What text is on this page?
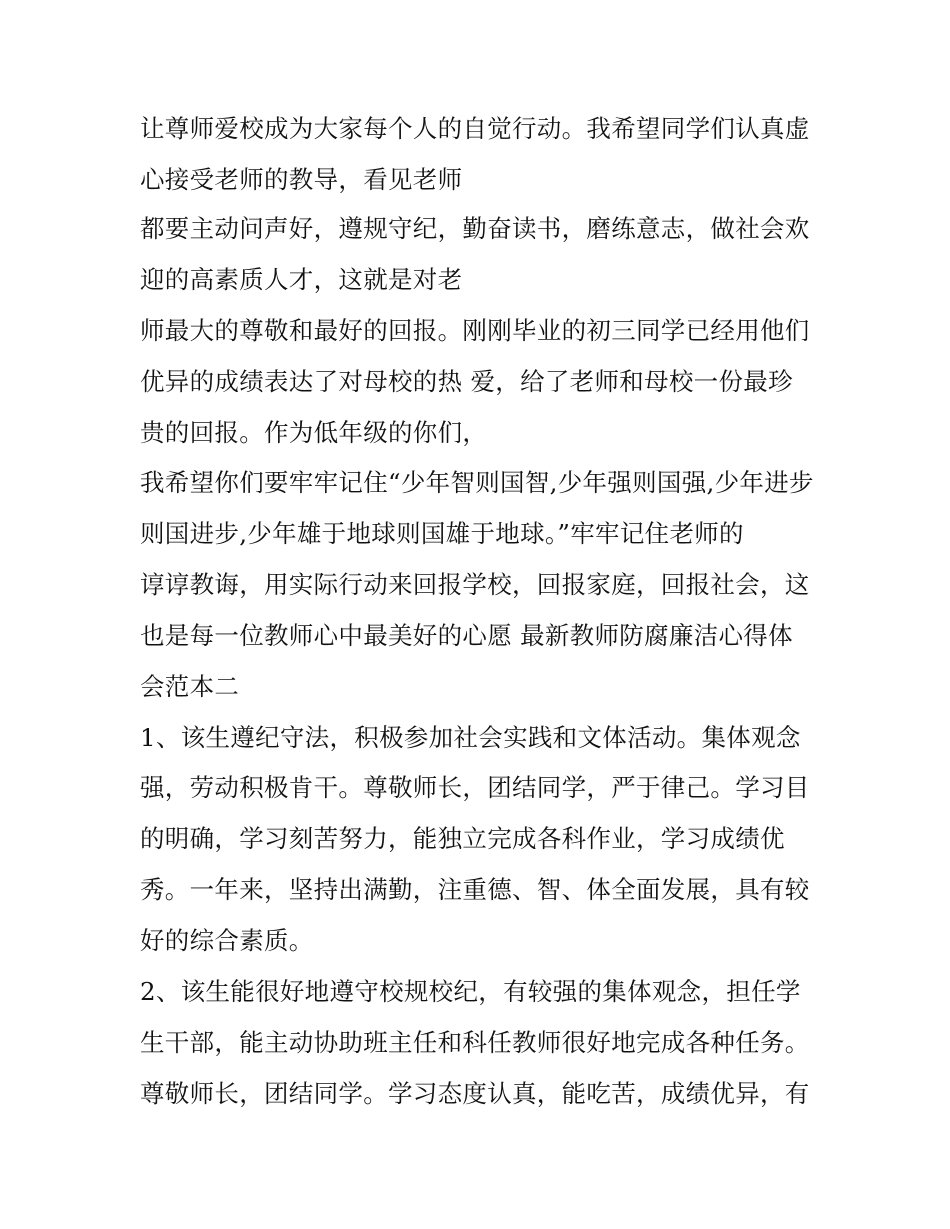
让尊师爱校成为大家每个人的自觉行动。我希望同学们认真虚
心接受老师的教导，看见老师
都要主动问声好，遵规守纪，勤奋读书，磨练意志，做社会欢
迎的高素质人才，这就是对老
师最大的尊敬和最好的回报。刚刚毕业的初三同学已经用他们
优异的成绩表达了对母校的热 爱，给了老师和母校一份最珍
贵的回报。作为低年级的你们，
我希望你们要牢牢记住“少年智则国智,少年强则国强,少年进步
则国进步,少年雄于地球则国雄于地球。”牢牢记住老师的
谆谆教诲，用实际行动来回报学校，回报家庭，回报社会，这
也是每一位教师心中最美好的心愿 最新教师防腐廉洁心得体
会范本二
1、该生遵纪守法，积极参加社会实践和文体活动。集体观念
强，劳动积极肯干。尊敬师长，团结同学，严于律己。学习目
的明确，学习刻苦努力，能独立完成各科作业，学习成绩优
秀。一年来，坚持出满勤，注重德、智、体全面发展，具有较
好的综合素质。
2、该生能很好地遵守校规校纪，有较强的集体观念，担任学
生干部，能主动协助班主任和科任教师很好地完成各种任务。
尊敬师长，团结同学。学习态度认真，能吃苦，成绩优异，有
